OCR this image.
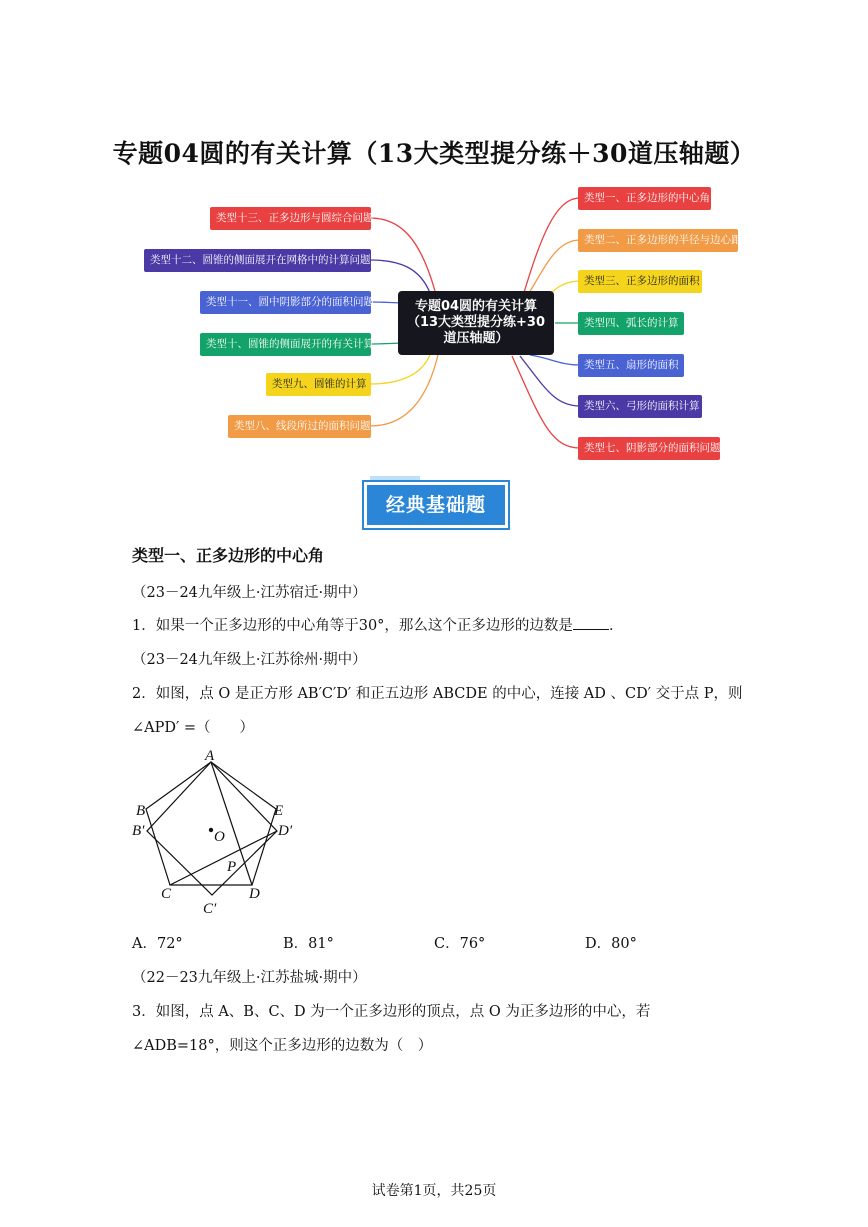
专题04圆的有关计算（13大类型提分练＋30道压轴题）
专题04圆的有关计算
（13大类型提分练+30
道压轴题）
类型一、正多边形的中心角
类型二、正多边形的半径与边心距
类型三、正多边形的面积
类型四、弧长的计算
类型五、扇形的面积
类型六、弓形的面积计算
类型七、阴影部分的面积问题
类型十三、正多边形与圆综合问题
类型十二、圆锥的侧面展开在网格中的计算问题
类型十一、圆中阴影部分的面积问题
类型十、圆锥的侧面展开的有关计算
类型九、圆锥的计算
类型八、线段所过的面积问题
经典基础题
类型一、正多边形的中心角
（23－24九年级上·江苏宿迁·期中）
1．如果一个正多边形的中心角等于30°，那么这个正多边形的边数是 ．
（23－24九年级上·江苏徐州·期中）
2．如图，点 O 是正方形 AB′C′D′ 和正五边形 ABCDE 的中心，连接 AD 、CD′ 交于点 P，则
∠APD′ =（　　）
A
B
B′
E
D′
O
P
C	D
C′
A．72°	B．81°	C．76°	D．80°
（22－23九年级上·江苏盐城·期中）
3．如图，点 A、B、C、D 为一个正多边形的顶点，点 O 为正多边形的中心，若
∠ADB=18°，则这个正多边形的边数为（　）
试卷第1页，共25页
